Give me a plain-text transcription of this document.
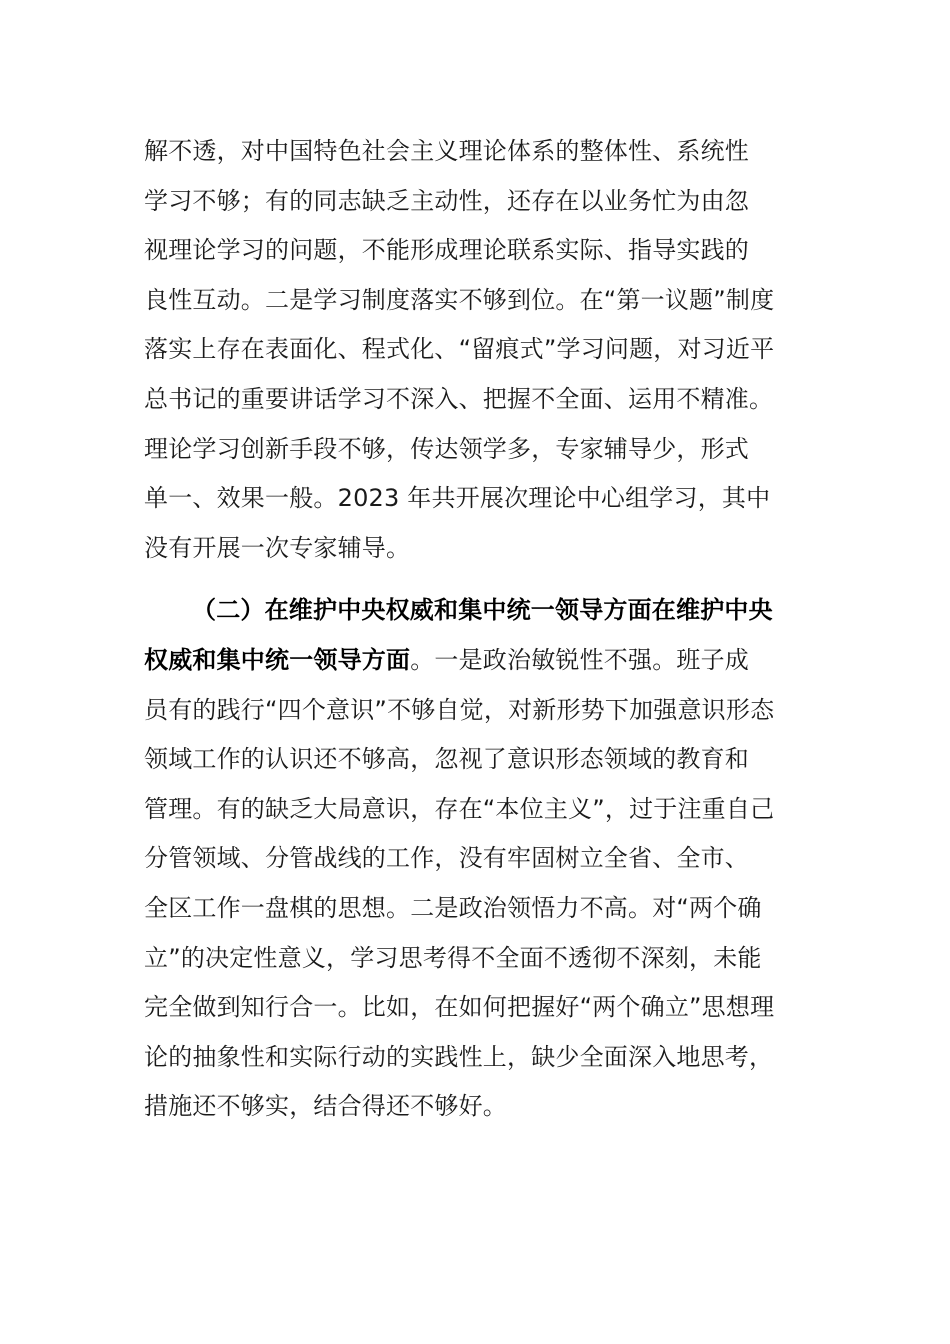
解不透，对中国特色社会主义理论体系的整体性、系统性
学习不够；有的同志缺乏主动性，还存在以业务忙为由忽
视理论学习的问题，不能形成理论联系实际、指导实践的
良性互动。二是学习制度落实不够到位。在“第一议题”制度
落实上存在表面化、程式化、“留痕式”学习问题，对习近平
总书记的重要讲话学习不深入、把握不全面、运用不精准。
理论学习创新手段不够，传达领学多，专家辅导少，形式
单一、效果一般。2023 年共开展次理论中心组学习，其中
没有开展一次专家辅导。
（二）在维护中央权威和集中统一领导方面在维护中央
权威和集中统一领导方面。一是政治敏锐性不强。班子成
员有的践行“四个意识”不够自觉，对新形势下加强意识形态
领域工作的认识还不够高，忽视了意识形态领域的教育和
管理。有的缺乏大局意识，存在“本位主义”，过于注重自己
分管领域、分管战线的工作，没有牢固树立全省、全市、
全区工作一盘棋的思想。二是政治领悟力不高。对“两个确
立”的决定性意义，学习思考得不全面不透彻不深刻，未能
完全做到知行合一。比如，在如何把握好“两个确立”思想理
论的抽象性和实际行动的实践性上，缺少全面深入地思考，
措施还不够实，结合得还不够好。
